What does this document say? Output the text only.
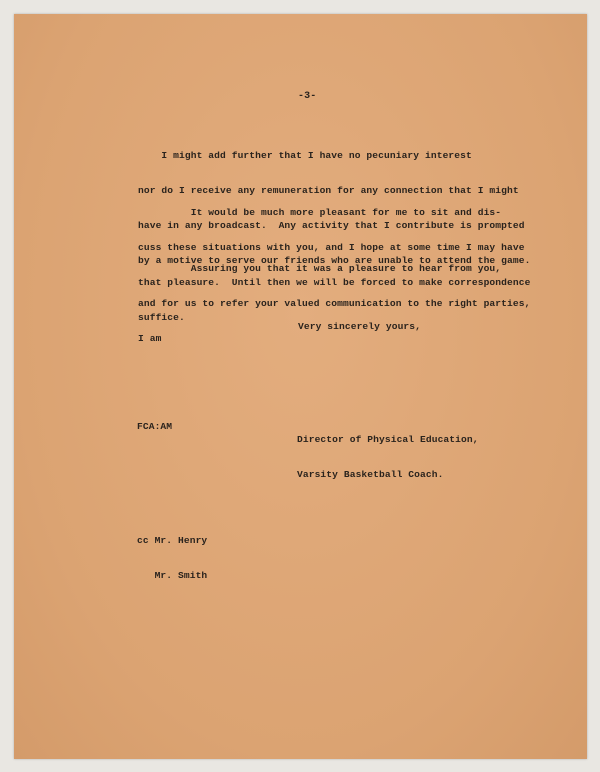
-3-

I might add further that I have no pecuniary interest

nor do I receive any remuneration for any connection that I might

have in any broadcast.  Any activity that I contribute is prompted

by a motive to serve our friends who are unable to attend the game.

It would be much more pleasant for me to sit and dis-

cuss these situations with you, and I hope at some time I may have

that pleasure.  Until then we will be forced to make correspondence

suffice.

Assuring you that it was a pleasure to hear from you,

and for us to refer your valued communication to the right parties,

I am

Very sincerely yours,

Director of Physical Education,

Varsity Basketball Coach.

FCA:AM

cc Mr. Henry

Mr. Smith
